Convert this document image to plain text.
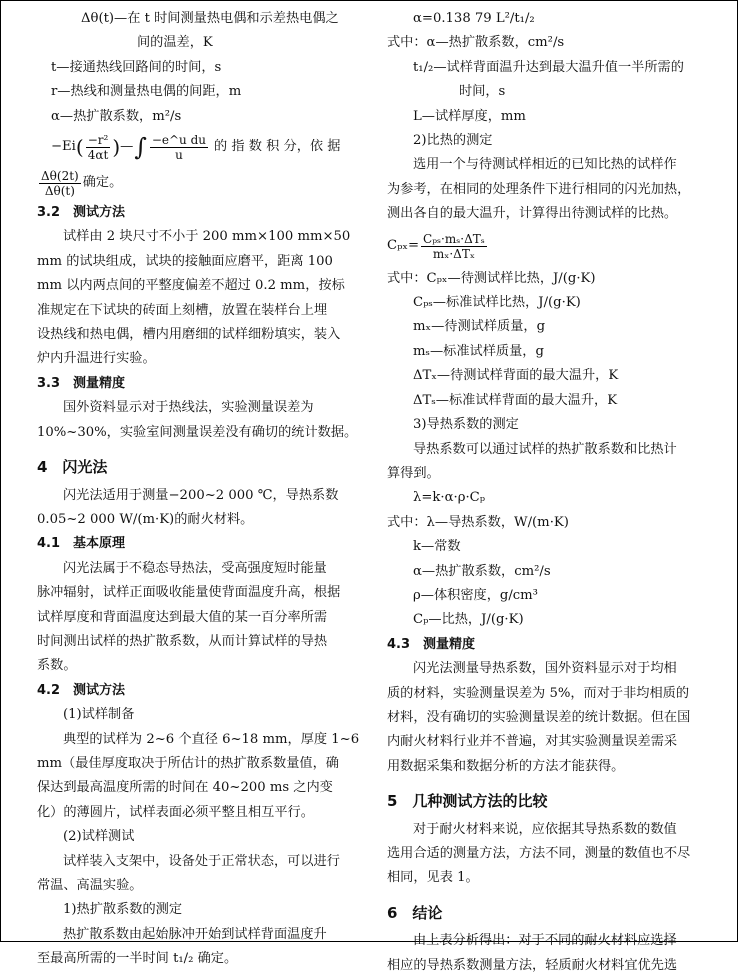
Δθ(t)—在 t 时间测量热电偶和示差热电偶之

间的温差，K

t—接通热线回路间的时间，s

r—热线和测量热电偶的间距，m

α—热扩散系数，m²/s

−Ei ( $\frac{\text{−r²}}{4\alpha t}$ ) — ∫ $\frac{\text{−e\textasciicircum{}u du}}{u}$ 的 指 数 积 分，依 据
$\frac{\Delta\theta(2t)}{\Delta\theta(t)}$ 确定。

3.2　测试方法

试样由 2 块尺寸不小于 200 mm×100 mm×50

mm 的试块组成，试块的接触面应磨平，距离 100

mm 以内两点间的平整度偏差不超过 0.2 mm，按标

准规定在下试块的砖面上刻槽，放置在装样台上埋

设热线和热电偶，槽内用磨细的试样细粉填实，装入

炉内升温进行实验。

3.3　测量精度

国外资料显示对于热线法，实验测量误差为

10%~30%，实验室间测量误差没有确切的统计数据。

4　闪光法

闪光法适用于测量−200~2 000 ℃，导热系数

0.05~2 000 W/(m·K)的耐火材料。

4.1　基本原理

闪光法属于不稳态导热法，受高强度短时能量

脉冲辐射，试样正面吸收能量使背面温度升高，根据

试样厚度和背面温度达到最大值的某一百分率所需

时间测出试样的热扩散系数，从而计算试样的导热

系数。

4.2　测试方法

(1)试样制备

典型的试样为 2~6 个直径 6~18 mm，厚度 1~6

mm（最佳厚度取决于所估计的热扩散系数量值，确

保达到最高温度所需的时间在 40~200 ms 之内变

化）的薄圆片，试样表面必须平整且相互平行。

(2)试样测试

试样装入支架中，设备处于正常状态，可以进行

常温、高温实验。

1)热扩散系数的测定

热扩散系数由起始脉冲开始到试样背面温度升

至最高所需的一半时间 t₁/₂ 确定。

α=0.138 79 L²/t₁/₂

式中：α—热扩散系数，cm²/s

t₁/₂—试样背面温升达到最大温升值一半所需的

时间，s

L—试样厚度，mm

2)比热的测定

选用一个与待测试样相近的已知比热的试样作

为参考，在相同的处理条件下进行相同的闪光加热，

测出各自的最大温升，计算得出待测试样的比热。

$C_{px}= \frac{\text{Cₚₛ·mₛ·ΔTₛ}}{\text{mₓ·ΔTₓ}}$

式中：Cₚₓ—待测试样比热，J/(g·K)

Cₚₛ—标准试样比热，J/(g·K)

mₓ—待测试样质量，g

mₛ—标准试样质量，g

ΔTₓ—待测试样背面的最大温升，K

ΔTₛ—标准试样背面的最大温升，K

3)导热系数的测定

导热系数可以通过试样的热扩散系数和比热计

算得到。

λ=k·α·ρ·Cₚ

式中：λ—导热系数，W/(m·K)

k—常数

α—热扩散系数，cm²/s

ρ—体积密度，g/cm³

Cₚ—比热，J/(g·K)

4.3　测量精度

闪光法测量导热系数，国外资料显示对于均相

质的材料，实验测量误差为 5%，而对于非均相质的

材料，没有确切的实验测量误差的统计数据。但在国

内耐火材料行业并不普遍，对其实验测量误差需采

用数据采集和数据分析的方法才能获得。

5　几种测试方法的比较

对于耐火材料来说，应依据其导热系数的数值

选用合适的测量方法，方法不同，测量的数值也不尽

相同，见表 1。

6　结论

由上表分析得出：对于不同的耐火材料应选择

相应的导热系数测量方法，轻质耐火材料宜优先选
